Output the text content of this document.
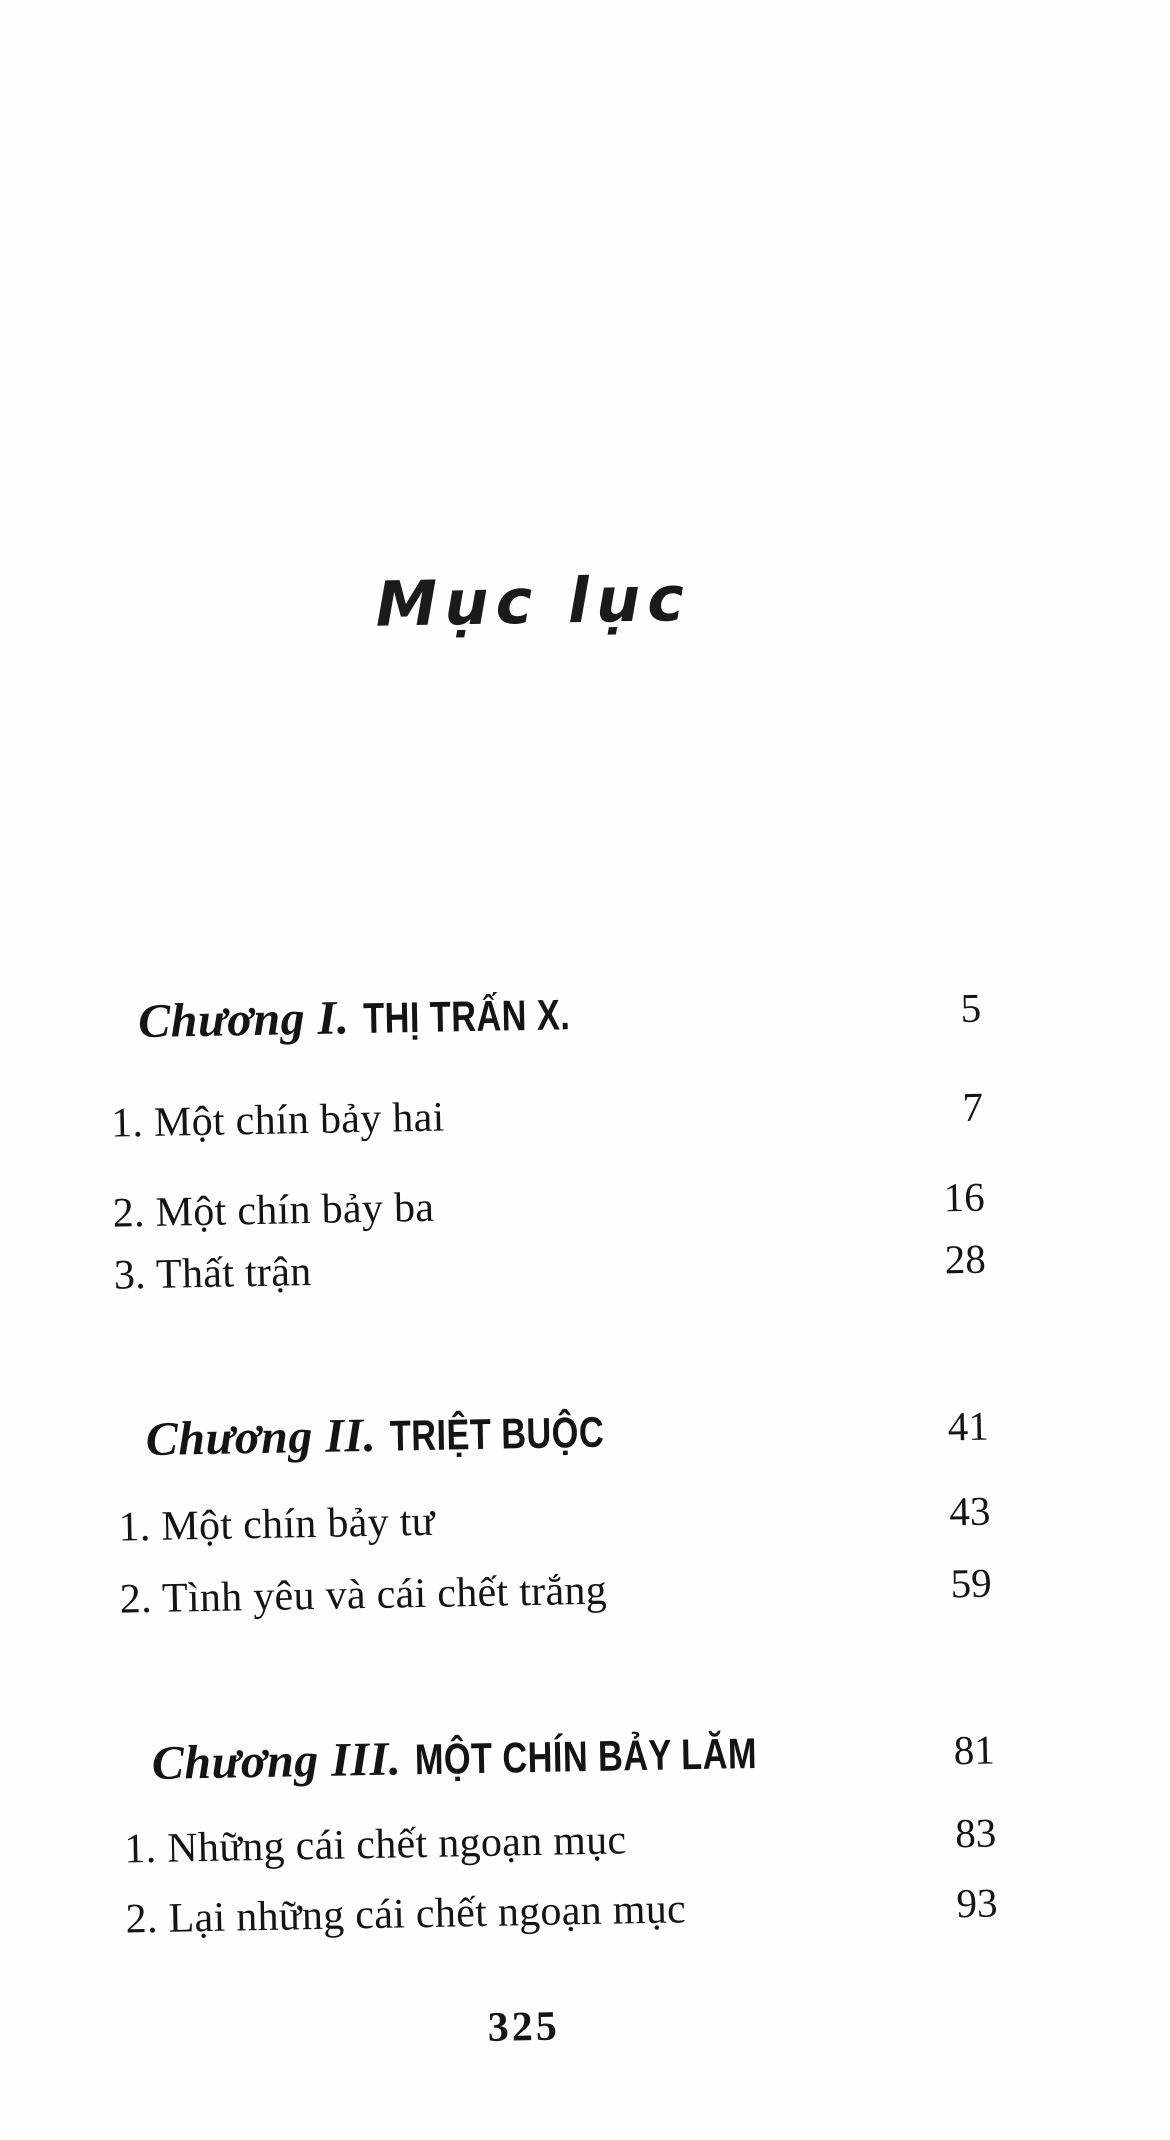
Mục lục
Chương I. THỊ TRẤN X.	5
1. Một chín bảy hai	7
2. Một chín bảy ba	16
3. Thất trận	28
Chương II. TRIỆT BUỘC	41
1. Một chín bảy tư	43
2. Tình yêu và cái chết trắng	59
Chương III. MỘT CHÍN BẢY LĂM	81
1. Những cái chết ngoạn mục	83
2. Lại những cái chết ngoạn mục	93
325
